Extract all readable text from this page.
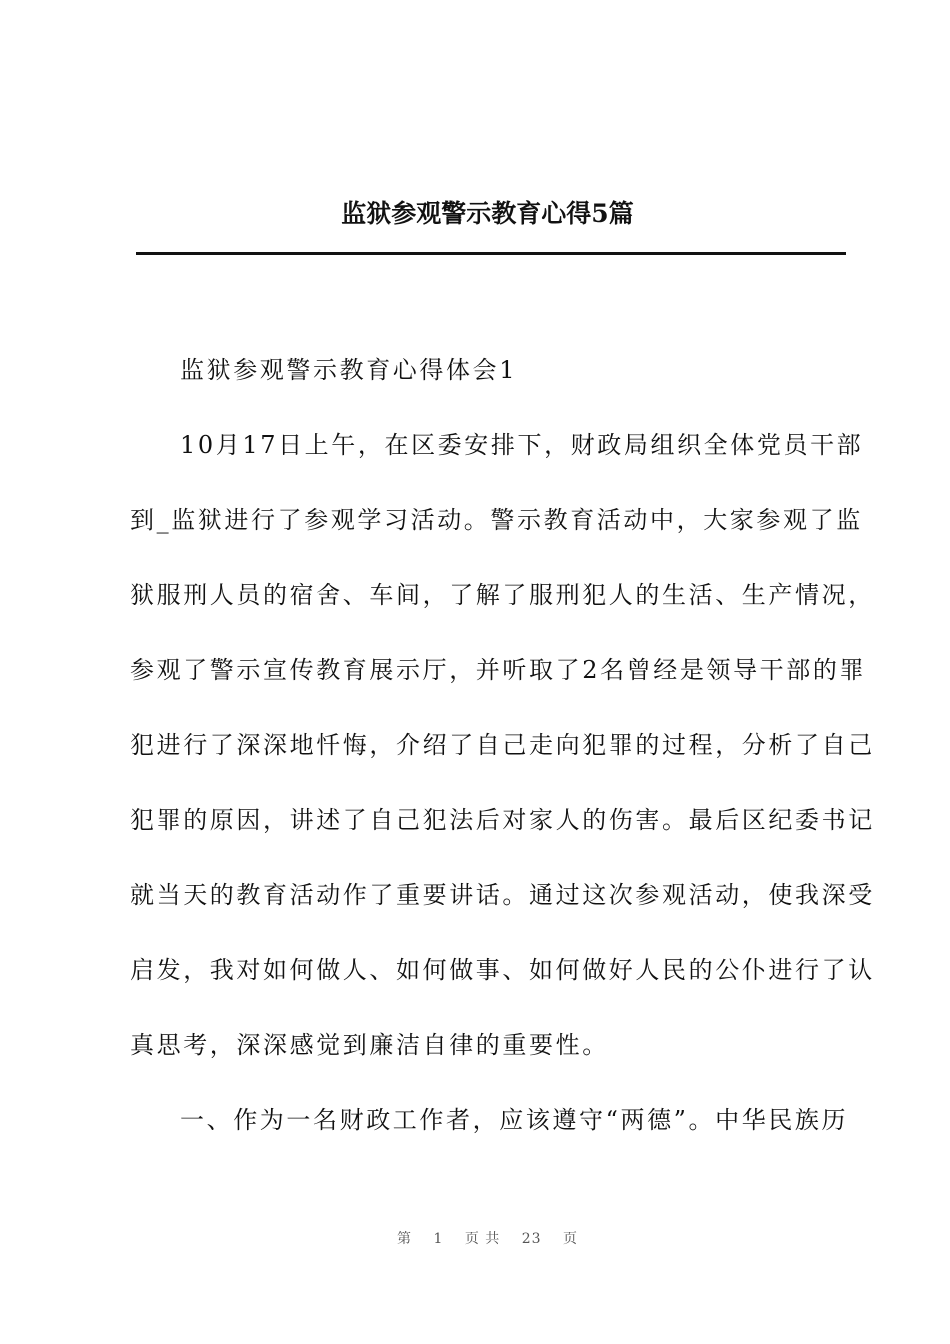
监狱参观警示教育心得5篇
监狱参观警示教育心得体会1
10月17日上午，在区委安排下，财政局组织全体党员干部
到_监狱进行了参观学习活动。警示教育活动中，大家参观了监
狱服刑人员的宿舍、车间，了解了服刑犯人的生活、生产情况，
参观了警示宣传教育展示厅，并听取了2名曾经是领导干部的罪
犯进行了深深地忏悔，介绍了自己走向犯罪的过程，分析了自己
犯罪的原因，讲述了自己犯法后对家人的伤害。最后区纪委书记
就当天的教育活动作了重要讲话。通过这次参观活动，使我深受
启发，我对如何做人、如何做事、如何做好人民的公仆进行了认
真思考，深深感觉到廉洁自律的重要性。
一、作为一名财政工作者，应该遵守“两德”。中华民族历
第 1 页 共 23 页
